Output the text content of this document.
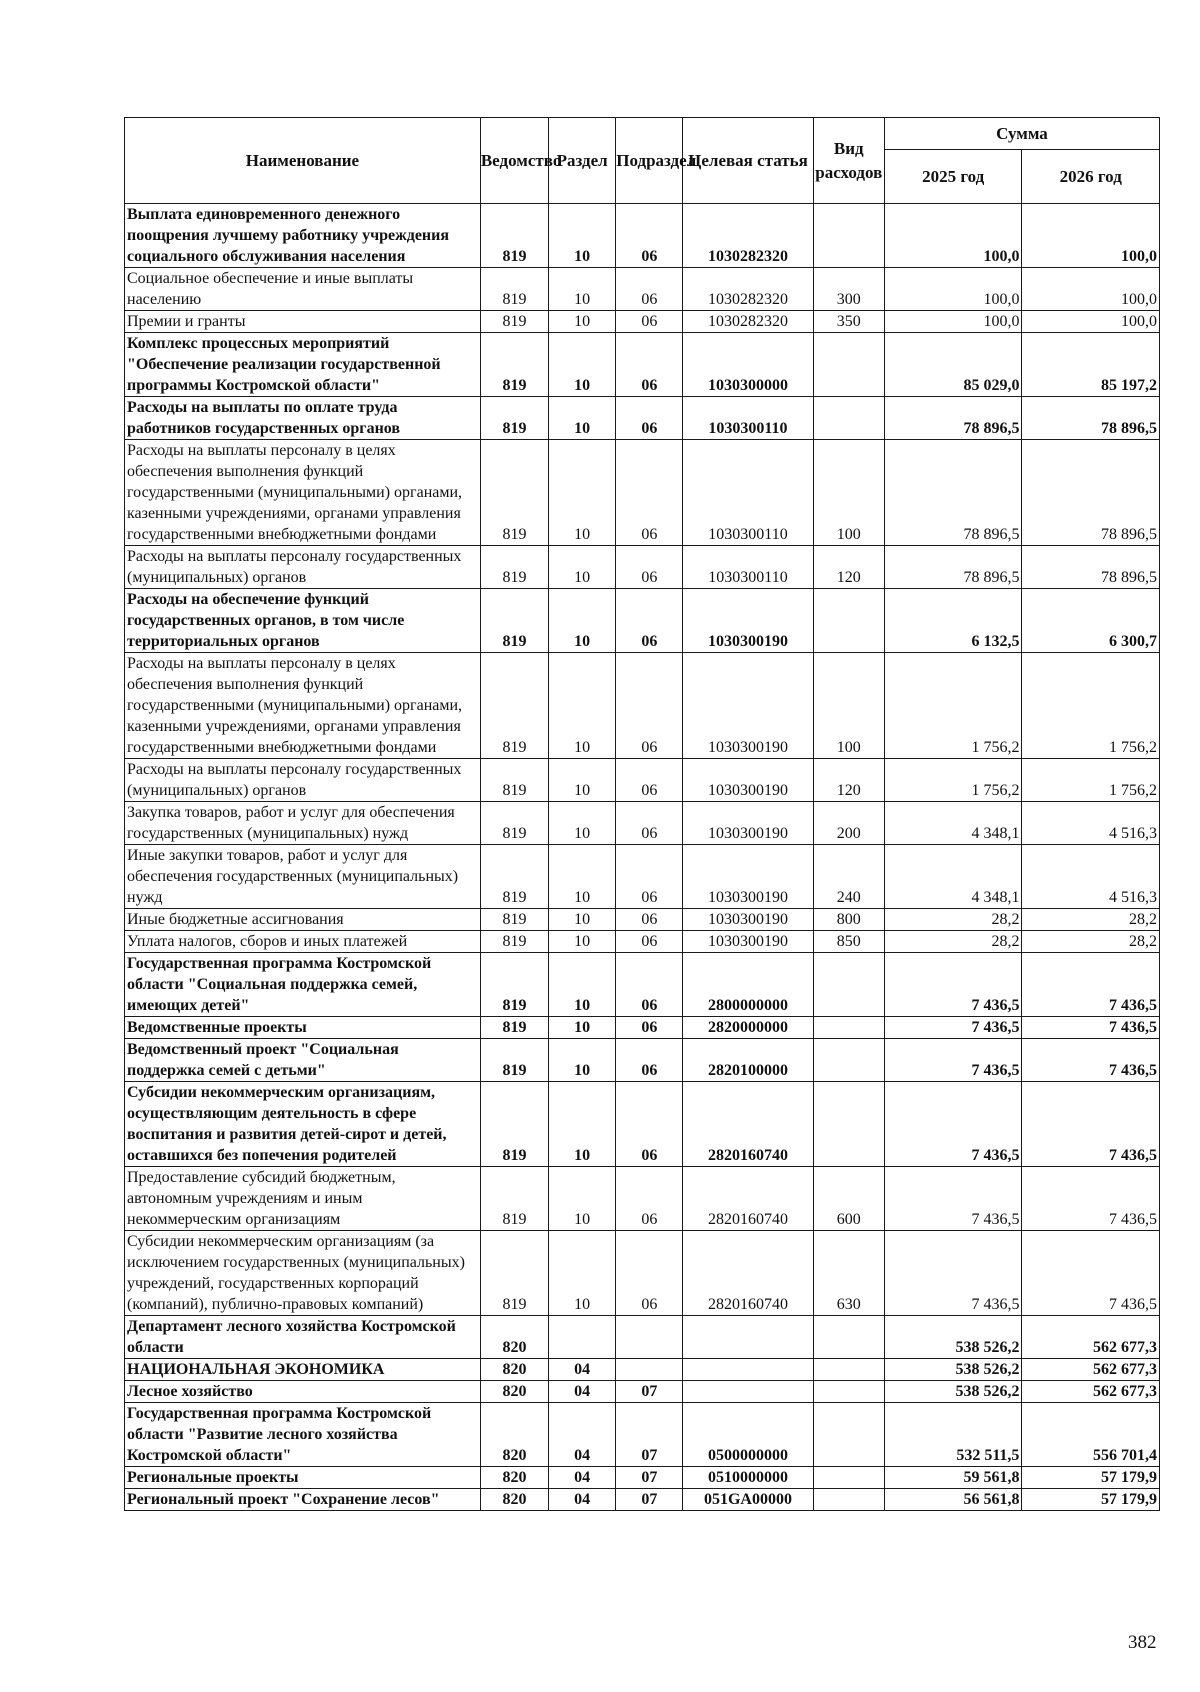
Наименование	Ведомство	Раздел	Подраздел	Целевая статья	Вид расходов	Сумма	
						2025 год	2026 год
Выплата единовременного денежного поощрения лучшему работнику учреждения социального обслуживания населения	819	10	06	1030282320		100,0	100,0
Социальное обеспечение и иные выплаты населению	819	10	06	1030282320	300	100,0	100,0
Премии и гранты	819	10	06	1030282320	350	100,0	100,0
Комплекс процессных мероприятий "Обеспечение реализации государственной программы Костромской области"	819	10	06	1030300000		85 029,0	85 197,2
Расходы на выплаты по оплате труда работников государственных органов	819	10	06	1030300110		78 896,5	78 896,5
Расходы на выплаты персоналу в целях обеспечения выполнения функций государственными (муниципальными) органами, казенными учреждениями, органами управления государственными внебюджетными фондами	819	10	06	1030300110	100	78 896,5	78 896,5
Расходы на выплаты персоналу государственных (муниципальных) органов	819	10	06	1030300110	120	78 896,5	78 896,5
Расходы на обеспечение функций государственных органов, в том числе территориальных органов	819	10	06	1030300190		6 132,5	6 300,7
Расходы на выплаты персоналу в целях обеспечения выполнения функций государственными (муниципальными) органами, казенными учреждениями, органами управления государственными внебюджетными фондами	819	10	06	1030300190	100	1 756,2	1 756,2
Расходы на выплаты персоналу государственных (муниципальных) органов	819	10	06	1030300190	120	1 756,2	1 756,2
Закупка товаров, работ и услуг для обеспечения государственных (муниципальных) нужд	819	10	06	1030300190	200	4 348,1	4 516,3
Иные закупки товаров, работ и услуг для обеспечения государственных (муниципальных) нужд	819	10	06	1030300190	240	4 348,1	4 516,3
Иные бюджетные ассигнования	819	10	06	1030300190	800	28,2	28,2
Уплата налогов, сборов и иных платежей	819	10	06	1030300190	850	28,2	28,2
Государственная программа Костромской области "Социальная поддержка семей, имеющих детей"	819	10	06	2800000000		7 436,5	7 436,5
Ведомственные проекты	819	10	06	2820000000		7 436,5	7 436,5
Ведомственный проект "Социальная поддержка семей с детьми"	819	10	06	2820100000		7 436,5	7 436,5
Субсидии некоммерческим организациям, осуществляющим деятельность в сфере воспитания и развития детей-сирот и детей, оставшихся без попечения родителей	819	10	06	2820160740		7 436,5	7 436,5
Предоставление субсидий бюджетным, автономным учреждениям и иным некоммерческим организациям	819	10	06	2820160740	600	7 436,5	7 436,5
Субсидии некоммерческим организациям (за исключением государственных (муниципальных) учреждений, государственных корпораций (компаний), публично-правовых компаний)	819	10	06	2820160740	630	7 436,5	7 436,5
Департамент лесного хозяйства Костромской области	820					538 526,2	562 677,3
НАЦИОНАЛЬНАЯ ЭКОНОМИКА	820	04				538 526,2	562 677,3
Лесное хозяйство	820	04	07			538 526,2	562 677,3
Государственная программа Костромской области "Развитие лесного хозяйства Костромской области"	820	04	07	0500000000		532 511,5	556 701,4
Региональные проекты	820	04	07	0510000000		59 561,8	57 179,9
Региональный проект "Сохранение лесов"	820	04	07	051GA00000		56 561,8	57 179,9
382
